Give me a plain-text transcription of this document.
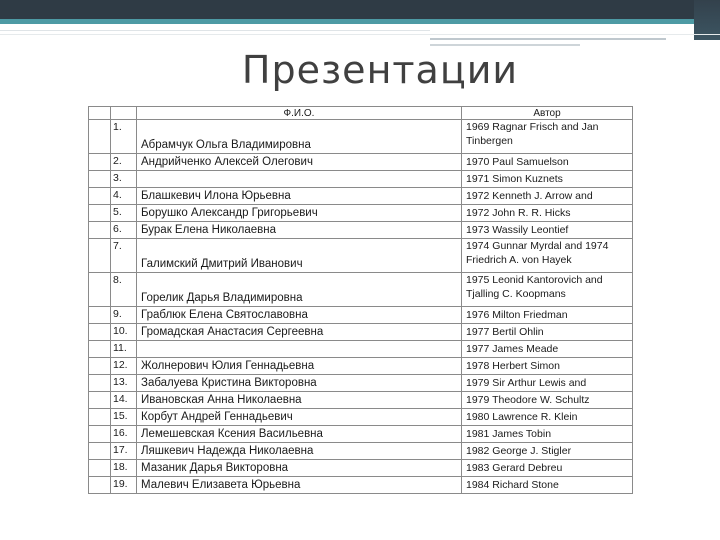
Презентации
		Ф.И.О.	Автор
	1.	Абрамчук Ольга Владимировна	1969 Ragnar Frisch and Jan Tinbergen
	2.	Андрийченко Алексей Олегович	1970 Paul Samuelson
	3.		1971 Simon Kuznets
	4.	Блашкевич Илона Юрьевна	1972 Kenneth J. Arrow and
	5.	Борушко Александр Григорьевич	1972 John R. R. Hicks
	6.	Бурак Елена Николаевна	1973 Wassily Leontief
	7.	Галимский Дмитрий Иванович	1974 Gunnar Myrdal and 1974 Friedrich A. von Hayek
	8.	Горелик Дарья Владимировна	1975 Leonid Kantorovich and Tjalling C. Koopmans
	9.	Граблюк Елена Святославовна	1976 Milton Friedman
	10.	Громадская Анастасия Сергеевна	1977 Bertil Ohlin
	11.		1977 James Meade
	12.	Жолнерович Юлия Геннадьевна	1978 Herbert Simon
	13.	Забалуева Кристина Викторовна	1979 Sir Arthur Lewis and
	14.	Ивановская Анна Николаевна	1979 Theodore W. Schultz
	15.	Корбут Андрей Геннадьевич	1980 Lawrence R. Klein
	16.	Лемешевская Ксения Васильевна	1981 James Tobin
	17.	Ляшкевич Надежда Николаевна	1982 George J. Stigler
	18.	Мазаник Дарья Викторовна	1983 Gerard Debreu
	19.	Малевич Елизавета Юрьевна	1984 Richard Stone
